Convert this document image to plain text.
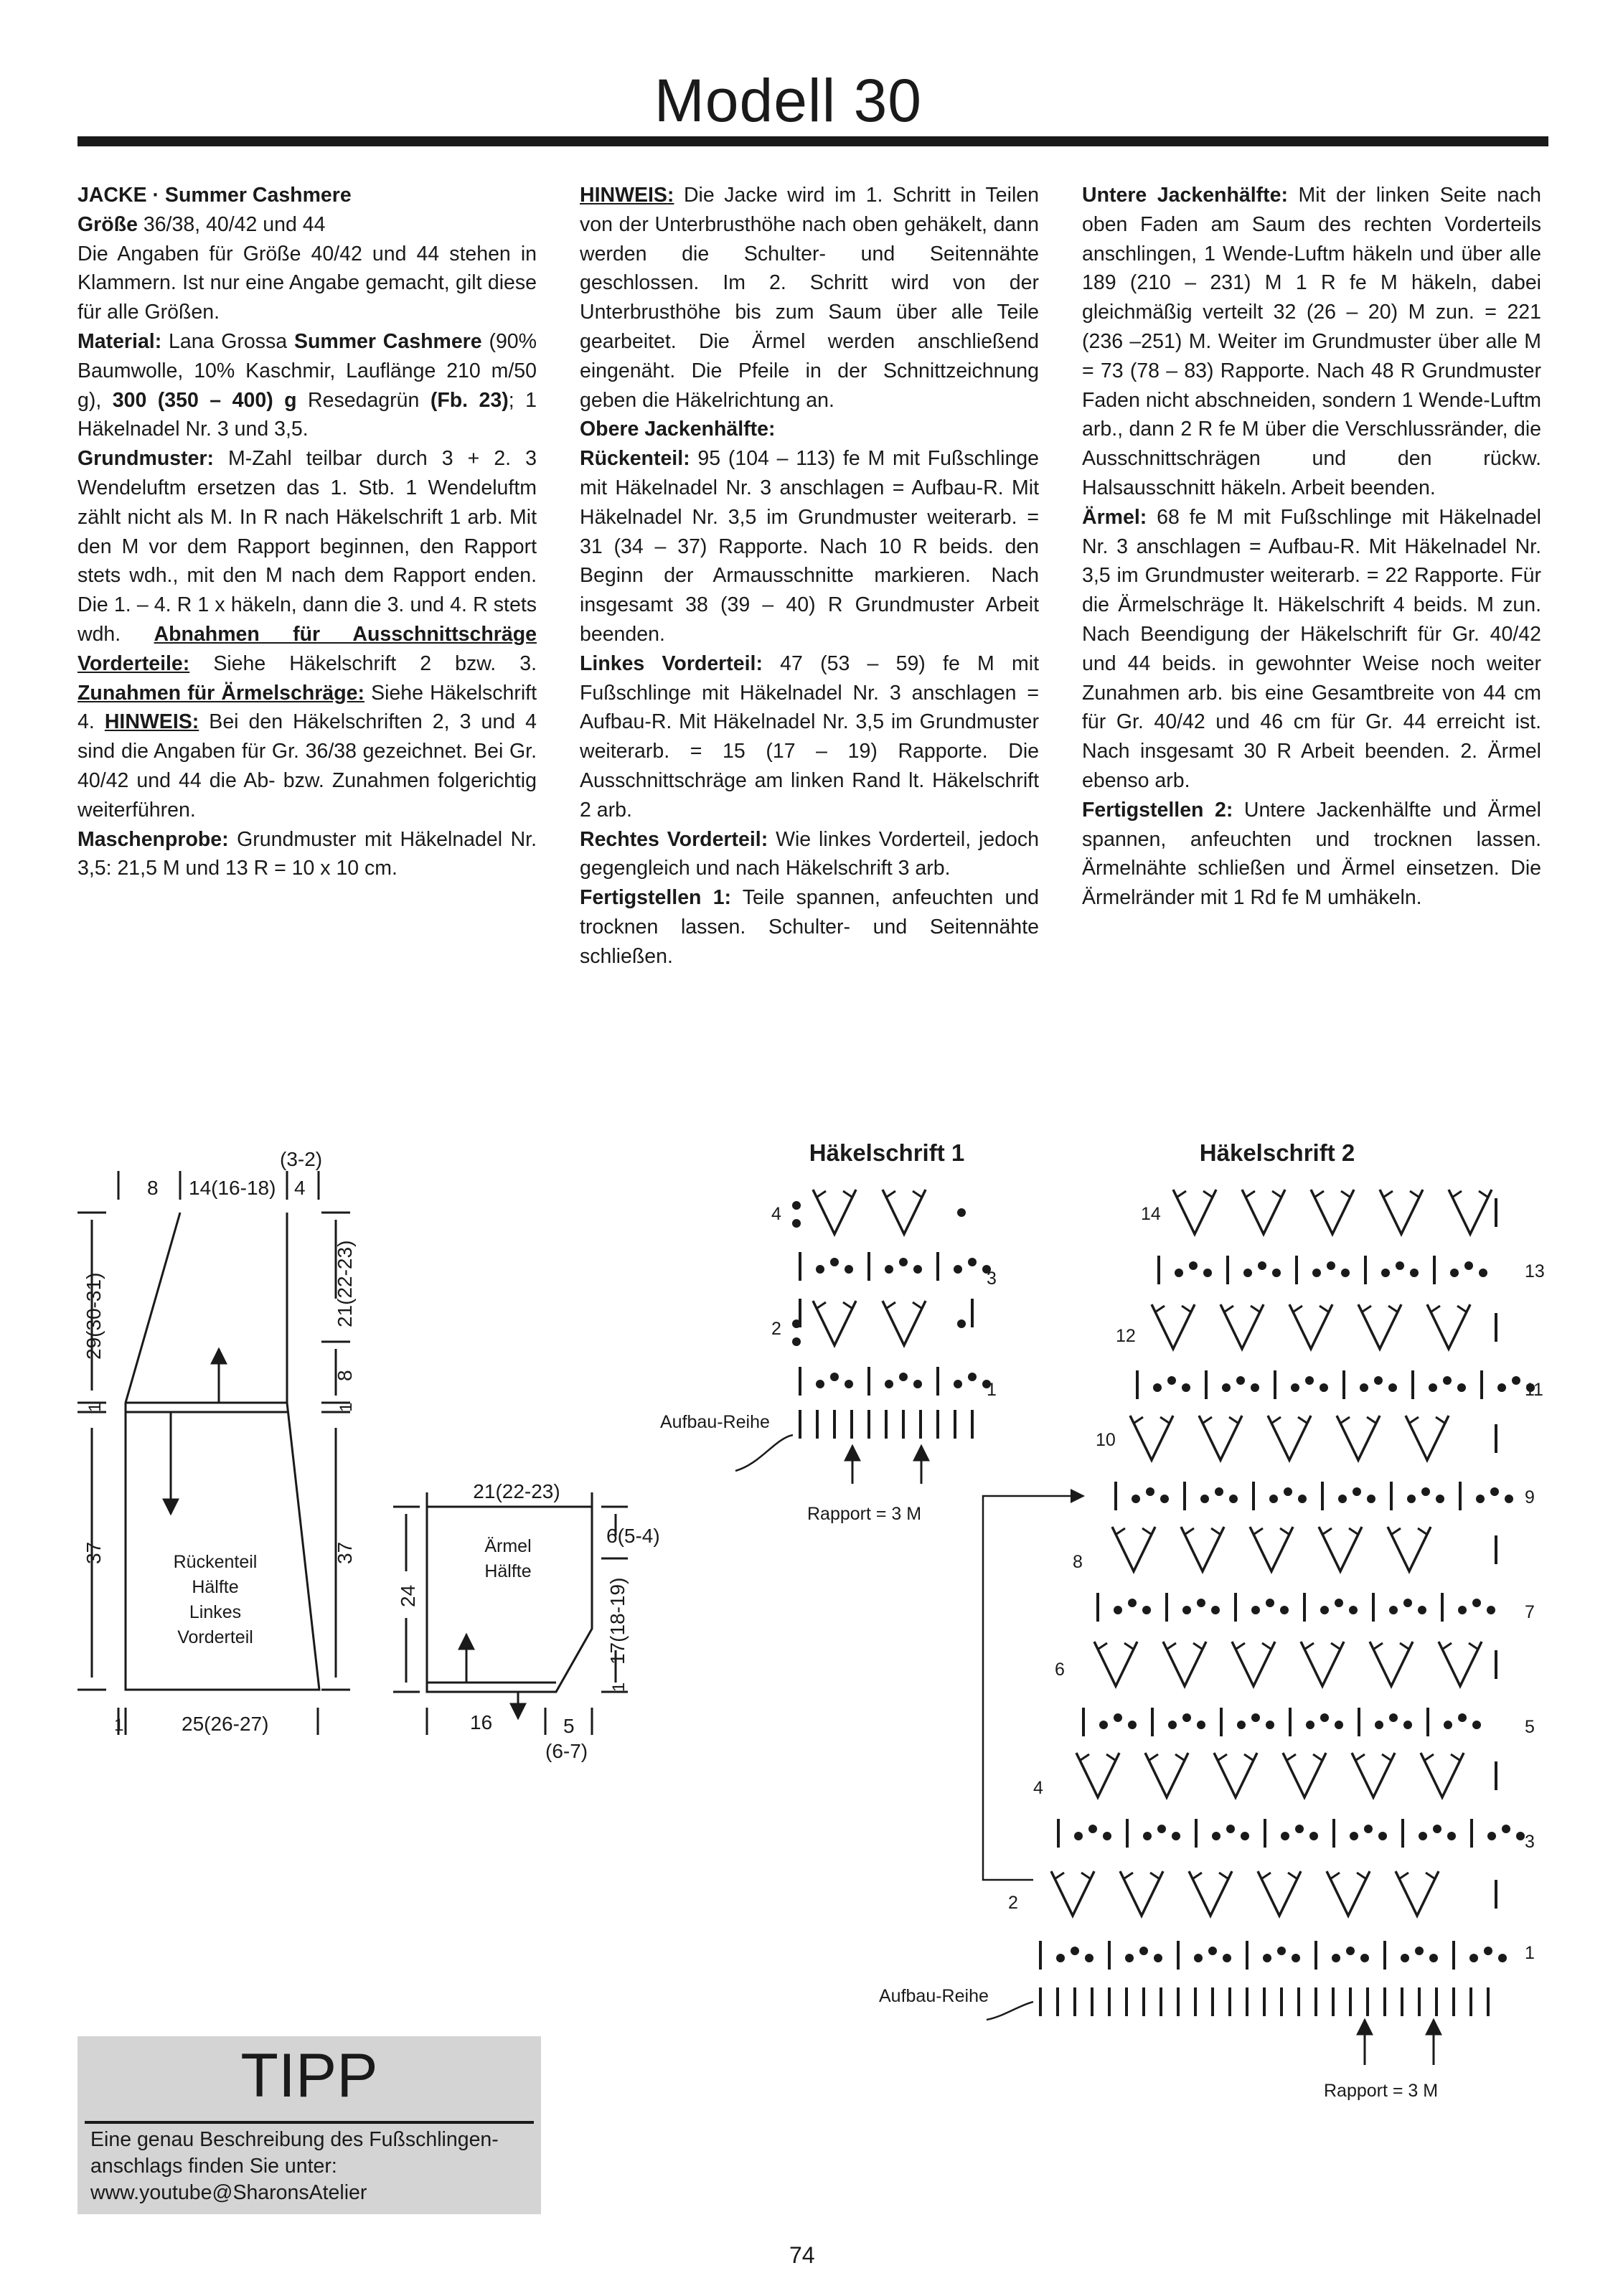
Modell 30

JACKE · Summer Cashmere

Größe 36/38, 40/42 und 44

Die Angaben für Größe 40/42 und 44 stehen in Klammern. Ist nur eine Angabe gemacht, gilt diese für alle Größen.

Material: Lana Grossa Summer Cashmere (90% Baumwolle, 10% Kaschmir, Lauflänge 210 m/50 g), 300 (350 – 400) g Resedagrün (Fb. 23); 1 Häkelnadel Nr. 3 und 3,5.

Grundmuster: M-Zahl teilbar durch 3 + 2. 3 Wendeluftm ersetzen das 1. Stb. 1 Wendeluftm zählt nicht als M. In R nach Häkelschrift 1 arb. Mit den M vor dem Rapport beginnen, den Rapport stets wdh., mit den M nach dem Rapport enden. Die 1. – 4. R 1 x häkeln, dann die 3. und 4. R stets wdh. Abnahmen für Ausschnittschräge Vorderteile: Siehe Häkelschrift 2 bzw. 3. Zunahmen für Ärmelschräge: Siehe Häkelschrift 4. HINWEIS: Bei den Häkelschriften 2, 3 und 4 sind die Angaben für Gr. 36/38 gezeichnet. Bei Gr. 40/42 und 44 die Ab- bzw. Zunahmen folgerichtig weiterführen.

Maschenprobe: Grundmuster mit Häkelnadel Nr. 3,5: 21,5 M und 13 R = 10 x 10 cm.

HINWEIS: Die Jacke wird im 1. Schritt in Teilen von der Unterbrusthöhe nach oben gehäkelt, dann werden die Schulter- und Seitennähte geschlossen. Im 2. Schritt wird von der Unterbrusthöhe bis zum Saum über alle Teile gearbeitet. Die Ärmel werden anschließend eingenäht. Die Pfeile in der Schnittzeichnung geben die Häkelrichtung an.

Obere Jackenhälfte:

Rückenteil: 95 (104 – 113) fe M mit Fußschlinge mit Häkelnadel Nr. 3 anschlagen = Aufbau-R. Mit Häkelnadel Nr. 3,5 im Grundmuster weiterarb. = 31 (34 – 37) Rapporte. Nach 10 R beids. den Beginn der Armausschnitte markieren. Nach insgesamt 38 (39 – 40) R Grundmuster Arbeit beenden.

Linkes Vorderteil: 47 (53 – 59) fe M mit Fußschlinge mit Häkelnadel Nr. 3 anschlagen = Aufbau-R. Mit Häkelnadel Nr. 3,5 im Grundmuster weiterarb. = 15 (17 – 19) Rapporte. Die Ausschnittschräge am linken Rand lt. Häkelschrift 2 arb.

Rechtes Vorderteil: Wie linkes Vorderteil, jedoch gegengleich und nach Häkelschrift 3 arb.

Fertigstellen 1: Teile spannen, anfeuchten und trocknen lassen. Schulter- und Seitennähte schließen.

Untere Jackenhälfte: Mit der linken Seite nach oben Faden am Saum des rechten Vorderteils anschlingen, 1 Wende-Luftm häkeln und über alle 189 (210 – 231) M 1 R fe M häkeln, dabei gleichmäßig verteilt 32 (26 – 20) M zun. = 221 (236 –251) M. Weiter im Grundmuster über alle M = 73 (78 – 83) Rapporte. Nach 48 R Grundmuster Faden nicht abschneiden, sondern 1 Wende-Luftm arb., dann 2 R fe M über die Verschlussränder, die Ausschnittschrägen und den rückw. Halsausschnitt häkeln. Arbeit beenden.

Ärmel: 68 fe M mit Fußschlinge mit Häkelnadel Nr. 3 anschlagen = Aufbau-R. Mit Häkelnadel Nr. 3,5 im Grundmuster weiterarb. = 22 Rapporte. Für die Ärmelschräge lt. Häkelschrift 4 beids. M zun. Nach Beendigung der Häkelschrift für Gr. 40/42 und 44 beids. in gewohnter Weise noch weiter Zunahmen arb. bis eine Gesamtbreite von 44 cm für Gr. 40/42 und 46 cm für Gr. 44 erreicht ist. Nach insgesamt 30 R Arbeit beenden. 2. Ärmel ebenso arb.

Fertigstellen 2: Untere Jackenhälfte und Ärmel spannen, anfeuchten und trocknen lassen. Ärmelnähte schließen und Ärmel einsetzen. Die Ärmelränder mit 1 Rd fe M umhäkeln.

(3-2)
8 14(16-18) 4
29(30-31)
1
21(22-23)
8
1
37	37
Rückenteil
Hälfte
Linkes
Vorderteil
1	25(26-27)
21(22-23)
Ärmel
Hälfte
6(5-4)
24	17(18-19)
1
16	5
(6-7)
Häkelschrift 1
4
3
2
1
Aufbau-Reihe
Rapport = 3 M
Häkelschrift 2
1
2
3
4
5
6
7
8
9
10
11
12
13
14
Aufbau-Reihe
Rapport = 3 M
TIPP
Eine genau Beschreibung des Fußschlingen-
anschlags finden Sie unter:
www.youtube@SharonsAtelier
74
